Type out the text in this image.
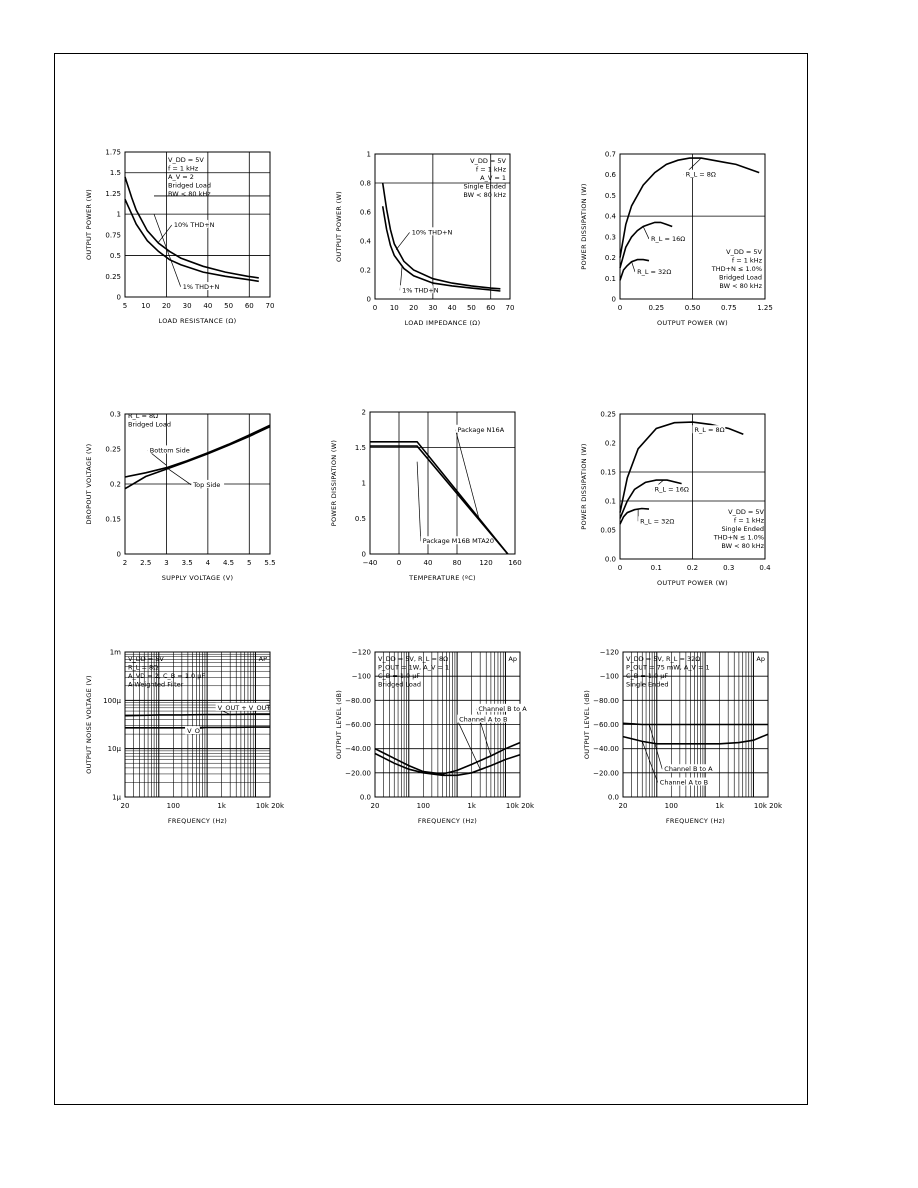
5 10 20 30 40 50 60 70
0
0.25
0.5
0.75
1
1.25
1.5
1.75
LOAD RESISTANCE (Ω)
OUTPUT POWER (W)
1% THD+N
10% THD+N
V_DD = 5V
f = 1 kHz
A_V = 2
Bridged Load
BW < 80 kHz
0 10 20 30 40 50 60 70
0
0.2
0.4
0.6
0.8
1
LOAD IMPEDANCE (Ω)
OUTPUT POWER (W)	10% THD+N
1% THD+N
V_DD = 5V
f = 1 kHz
A_V = 1
Single Ended
BW < 80 kHz
0	0.25	0.50	0.75	1.25
0
0.1
0.2
0.3
0.4
0.5
0.6
0.7
OUTPUT POWER (W)
POWER DISSIPATION (W)
R_L = 8Ω
R_L = 16Ω
R_L = 32Ω
V_DD = 5V
f = 1 kHz
THD+N ≤ 1.0%
Bridged Load
BW < 80 kHz
2 2.5 3 3.5 4 4.5 5 5.5
0
0.15
0.2
0.25
0.3
SUPPLY VOLTAGE (V)
DROPOUT VOLTAGE (V)	Bottom Side
Top Side
R_L = 8Ω
Bridged Load
−40	0	40	80	120 160
0
0.5
1
1.5
2
TEMPERATURE (ºC)
POWER DISSIPATION (W)
Package N16A
Package M16B MTA20
0	0.1	0.2	0.3	0.4
0.0
0.05
0.1
0.15
0.2
0.25
OUTPUT POWER (W)
POWER DISSIPATION (W)
R_L = 8Ω
R_L = 16Ω
R_L = 32Ω
V_DD = 5V
f = 1 kHz
Single Ended
THD+N ≤ 1.0%
BW < 80 kHz
20	100	1k	10k 20k
1m
100μ
10μ
1μ
FREQUENCY (Hz)
OUTPUT NOISE VOLTAGE (V)	V_OUT + V_OUT
V_O
V_DD = 5V
R_L = 8Ω
A_VD = 2, C_B = 1.0 μF
A-Weighted Filter
AP
20	100	1k	10k 20k
0.0
−20.00
−40.00
−60.00
−80.00
−100
−120
FREQUENCY (Hz)
OUTPUT LEVEL (dB)	Channel B to A
Channel A to B
V_DD = 5V, R_L = 8Ω
P_OUT = 1W, A_V = 1
C_B = 1.0 μF
Bridged Load
Ap
20	100	1k	10k 20k
0.0
−20.00
−40.00
−60.00
−80.00
−100
−120
FREQUENCY (Hz)
OUTPUT LEVEL (dB)
Channel B to A
Channel A to B
V_DD = 5V, R_L = 32Ω
P_OUT = 75 mW, A_V = 1
C_B = 1.0 μF
Single Ended
Ap
